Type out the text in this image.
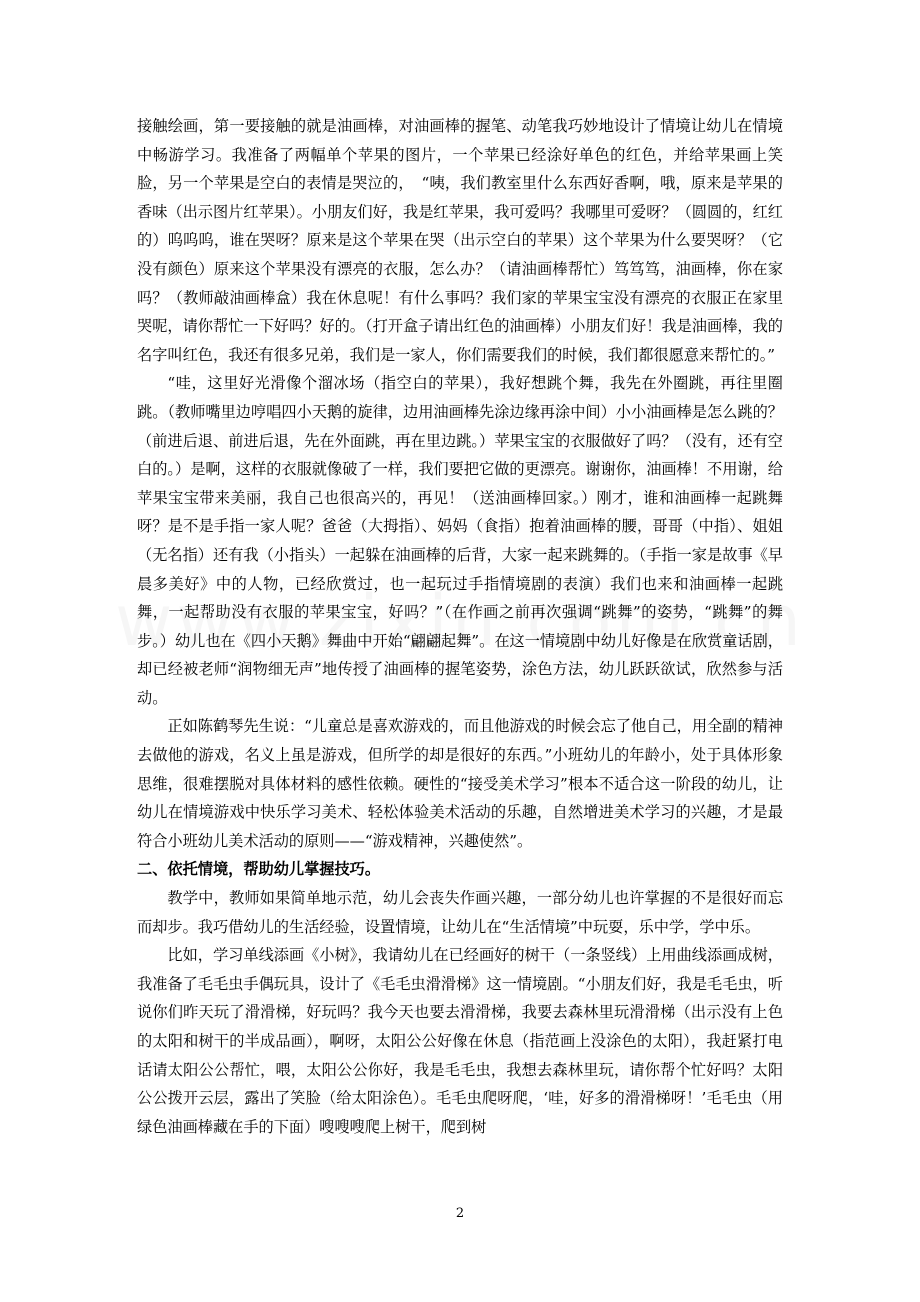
接触绘画，第一要接触的就是油画棒，对油画棒的握笔、动笔我巧妙地设计了情境让幼儿在情境中畅游学习。我准备了两幅单个苹果的图片，一个苹果已经涂好单色的红色，并给苹果画上笑脸，另一个苹果是空白的表情是哭泣的，　“咦，我们教室里什么东西好香啊，哦，原来是苹果的香味（出示图片红苹果）。小朋友们好，我是红苹果，我可爱吗？我哪里可爱呀？（圆圆的，红红的）呜呜呜，谁在哭呀？原来是这个苹果在哭（出示空白的苹果）这个苹果为什么要哭呀？（它没有颜色）原来这个苹果没有漂亮的衣服，怎么办？（请油画棒帮忙）笃笃笃，油画棒，你在家吗？（教师敲油画棒盒）我在休息呢！有什么事吗？我们家的苹果宝宝没有漂亮的衣服正在家里哭呢，请你帮忙一下好吗？好的。（打开盒子请出红色的油画棒）小朋友们好！我是油画棒，我的名字叫红色，我还有很多兄弟，我们是一家人，你们需要我们的时候，我们都很愿意来帮忙的。”

“哇，这里好光滑像个溜冰场（指空白的苹果），我好想跳个舞，我先在外圈跳，再往里圈跳。（教师嘴里边哼唱四小天鹅的旋律，边用油画棒先涂边缘再涂中间）小小油画棒是怎么跳的？（前进后退、前进后退，先在外面跳，再在里边跳。）苹果宝宝的衣服做好了吗？（没有，还有空白的。）是啊，这样的衣服就像破了一样，我们要把它做的更漂亮。谢谢你，油画棒！不用谢，给苹果宝宝带来美丽，我自己也很高兴的，再见！（送油画棒回家。）刚才，谁和油画棒一起跳舞呀？是不是手指一家人呢？爸爸（大拇指）、妈妈（食指）抱着油画棒的腰，哥哥（中指）、姐姐（无名指）还有我（小指头）一起躲在油画棒的后背，大家一起来跳舞的。（手指一家是故事《早晨多美好》中的人物，已经欣赏过，也一起玩过手指情境剧的表演）我们也来和油画棒一起跳舞，一起帮助没有衣服的苹果宝宝，好吗？”（在作画之前再次强调“跳舞”的姿势，“跳舞”的舞步。）幼儿也在《四小天鹅》舞曲中开始“翩翩起舞”。在这一情境剧中幼儿好像是在欣赏童话剧，却已经被老师“润物细无声”地传授了油画棒的握笔姿势，涂色方法，幼儿跃跃欲试，欣然参与活动。

正如陈鹤琴先生说：“儿童总是喜欢游戏的，而且他游戏的时候会忘了他自己，用全副的精神去做他的游戏，名义上虽是游戏，但所学的却是很好的东西。”小班幼儿的年龄小，处于具体形象思维，很难摆脱对具体材料的感性依赖。硬性的“接受美术学习”根本不适合这一阶段的幼儿，让幼儿在情境游戏中快乐学习美术、轻松体验美术活动的乐趣，自然增进美术学习的兴趣，才是最符合小班幼儿美术活动的原则——“游戏精神，兴趣使然”。

二、依托情境，帮助幼儿掌握技巧。

教学中，教师如果简单地示范，幼儿会丧失作画兴趣，一部分幼儿也许掌握的不是很好而忘而却步。我巧借幼儿的生活经验，设置情境，让幼儿在“生活情境”中玩耍，乐中学，学中乐。

比如，学习单线添画《小树》，我请幼儿在已经画好的树干（一条竖线）上用曲线添画成树，我准备了毛毛虫手偶玩具，设计了《毛毛虫滑滑梯》这一情境剧。“小朋友们好，我是毛毛虫，听说你们昨天玩了滑滑梯，好玩吗？我今天也要去滑滑梯，我要去森林里玩滑滑梯（出示没有上色的太阳和树干的半成品画），啊呀，太阳公公好像在休息（指范画上没涂色的太阳），我赶紧打电话请太阳公公帮忙，喂，太阳公公你好，我是毛毛虫，我想去森林里玩，请你帮个忙好吗？太阳公公拨开云层，露出了笑脸（给太阳涂色）。毛毛虫爬呀爬，‘哇，好多的滑滑梯呀！’毛毛虫（用绿色油画棒藏在手的下面）嗖嗖嗖爬上树干，爬到树

2
